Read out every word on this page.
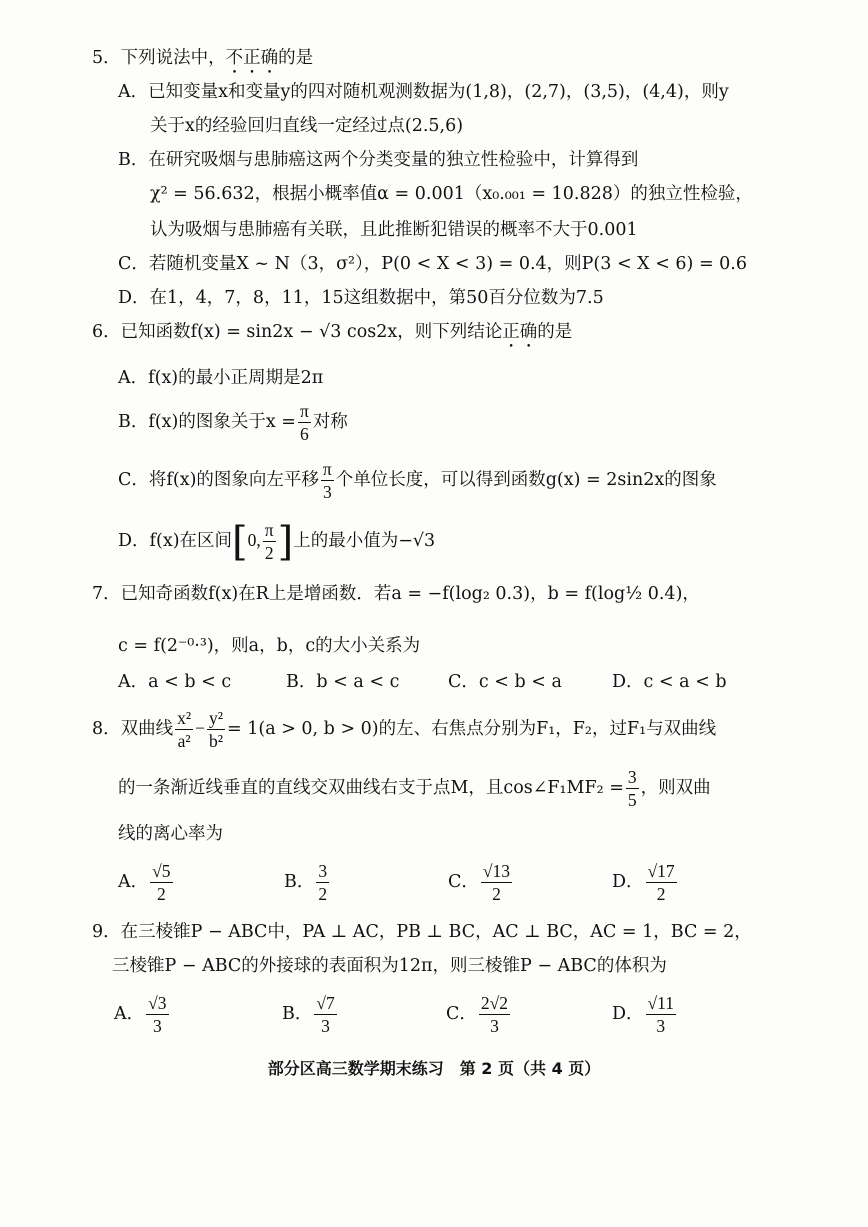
5．下列说法中，不正确的是
A．已知变量x和变量y的四对随机观测数据为(1,8)，(2,7)，(3,5)，(4,4)，则y
关于x的经验回归直线一定经过点(2.5,6)
B．在研究吸烟与患肺癌这两个分类变量的独立性检验中，计算得到
χ² = 56.632，根据小概率值α = 0.001（x₀.₀₀₁ = 10.828）的独立性检验，
认为吸烟与患肺癌有关联，且此推断犯错误的概率不大于0.001
C．若随机变量X ~ N（3，σ²），P(0 < X < 3) = 0.4，则P(3 < X < 6) = 0.6
D．在1，4，7，8，11，15这组数据中，第50百分位数为7.5
6．已知函数f(x) = sin2x − √3 cos2x，则下列结论正确的是
A．f(x)的最小正周期是2π
B．f(x)的图象关于$x = \frac{\pi}{6}$ 对称
C．将f(x)的图象向左平移 $\frac{\pi}{3}$ 个单位长度，可以得到函数g(x) = 2sin2x的图象
D．f(x)在区间[0, $\frac{\pi}{2}$ ]上的最小值为−√3
7．已知奇函数f(x)在R上是增函数．若a = −f(log₂ 0.3)，b = f(log½ 0.4)，
c = f(2⁻⁰·³)，则a，b，c的大小关系为
A．a < b < c	B．b < a < c	C．c < b < a	D．c < a < b
8．双曲线 $\frac{\text{x²}}{\text{a²}} - \frac{\text{y²}}{\text{b²}} = 1(a > 0$, b > 0)的左、右焦点分别为F₁，F₂，过F₁与双曲线
的一条渐近线垂直的直线交双曲线右支于点M，且cos∠F₁MF₂ = $\frac{3}{5}$ ，则双曲
线的离心率为
A． $\frac{√5}{2}$	B． $\frac{3}{2}$	C． $\frac{√13}{2}$	D． $\frac{√17}{2}$
9．在三棱锥P − ABC中，PA ⊥ AC，PB ⊥ BC，AC ⊥ BC，AC = 1，BC = 2，
三棱锥P − ABC的外接球的表面积为12π，则三棱锥P − ABC的体积为
A． $\frac{√3}{3}$	B． $\frac{√7}{3}$	C． $\frac{2√2}{3}$	D． $\frac{√11}{3}$
部分区高三数学期末练习　第 2 页（共 4 页）
